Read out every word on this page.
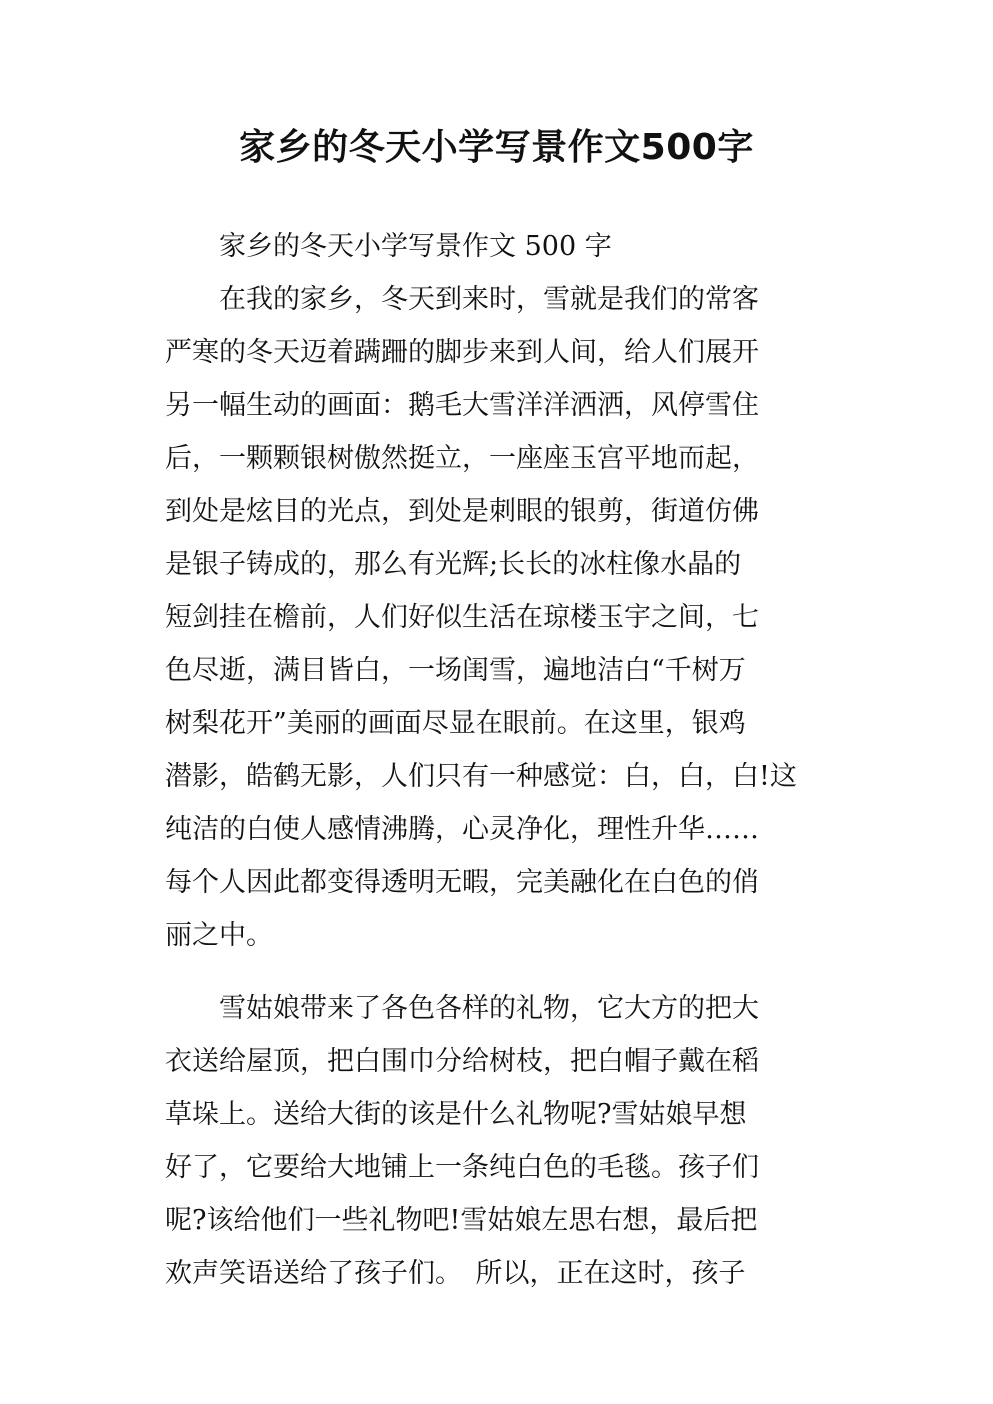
家乡的冬天小学写景作文500字
　　家乡的冬天小学写景作文 500 字
　　在我的家乡，冬天到来时，雪就是我们的常客
严寒的冬天迈着蹒跚的脚步来到人间，给人们展开
另一幅生动的画面：鹅毛大雪洋洋洒洒，风停雪住
后，一颗颗银树傲然挺立，一座座玉宫平地而起，
到处是炫目的光点，到处是刺眼的银剪，街道仿佛
是银子铸成的，那么有光辉;长长的冰柱像水晶的
短剑挂在檐前，人们好似生活在琼楼玉宇之间，七
色尽逝，满目皆白，一场闺雪，遍地洁白“千树万
树梨花开”美丽的画面尽显在眼前。在这里，银鸡
潜影，皓鹤无影，人们只有一种感觉：白，白，白!这
纯洁的白使人感情沸腾，心灵净化，理性升华……
每个人因此都变得透明无暇，完美融化在白色的俏
丽之中。
　　雪姑娘带来了各色各样的礼物，它大方的把大
衣送给屋顶，把白围巾分给树枝，把白帽子戴在稻
草垛上。送给大街的该是什么礼物呢?雪姑娘早想
好了，它要给大地铺上一条纯白色的毛毯。孩子们
呢?该给他们一些礼物吧!雪姑娘左思右想，最后把
欢声笑语送给了孩子们。　所以，正在这时，孩子
